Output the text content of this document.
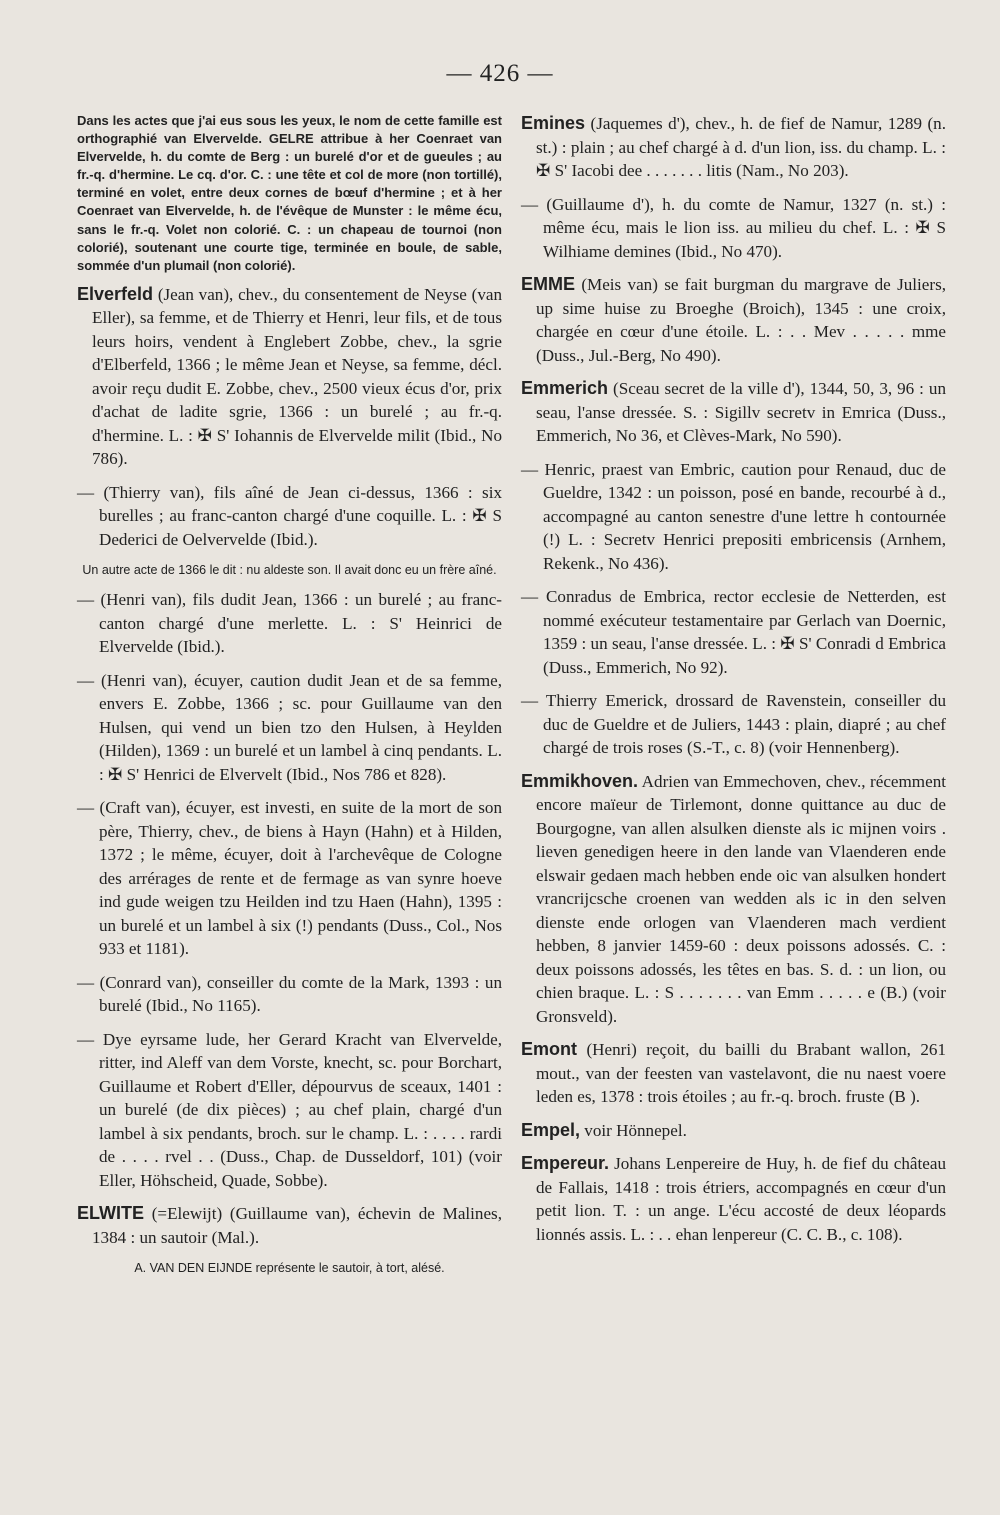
— 426 —

Dans les actes que j'ai eus sous les yeux, le nom de cette famille est orthographié van Elvervelde. GELRE attribue à her Coenraet van Elvervelde, h. du comte de Berg : un burelé d'or et de gueules ; au fr.-q. d'hermine. Le cq. d'or. C. : une tête et col de more (non tortillé), terminé en volet, entre deux cornes de bœuf d'hermine ; et à her Coenraet van Elvervelde, h. de l'évêque de Munster : le même écu, sans le fr.-q. Volet non colorié. C. : un chapeau de tournoi (non colorié), soutenant une courte tige, terminée en boule, de sable, sommée d'un plumail (non colorié).

Elverfeld (Jean van), chev., du consentement de Neyse (van Eller), sa femme, et de Thierry et Henri, leur fils, et de tous leurs hoirs, vendent à Englebert Zobbe, chev., la sgrie d'Elberfeld, 1366 ; le même Jean et Neyse, sa femme, décl. avoir reçu dudit E. Zobbe, chev., 2500 vieux écus d'or, prix d'achat de ladite sgrie, 1366 : un burelé ; au fr.-q. d'hermine. L. : ✠ S' Iohannis de Elvervelde milit (Ibid., No 786).

— (Thierry van), fils aîné de Jean ci-dessus, 1366 : six burelles ; au franc-canton chargé d'une coquille. L. : ✠ S Dederici de Oelvervelde (Ibid.).

Un autre acte de 1366 le dit : nu aldeste son. Il avait donc eu un frère aîné.

— (Henri van), fils dudit Jean, 1366 : un burelé ; au franc-canton chargé d'une merlette. L. : S' Heinrici de Elvervelde (Ibid.).

— (Henri van), écuyer, caution dudit Jean et de sa femme, envers E. Zobbe, 1366 ; sc. pour Guillaume van den Hulsen, qui vend un bien tzo den Hulsen, à Heylden (Hilden), 1369 : un burelé et un lambel à cinq pendants. L. : ✠ S' Henrici de Elvervelt (Ibid., Nos 786 et 828).

— (Craft van), écuyer, est investi, en suite de la mort de son père, Thierry, chev., de biens à Hayn (Hahn) et à Hilden, 1372 ; le même, écuyer, doit à l'archevêque de Cologne des arrérages de rente et de fermage as van synre hoeve ind gude weigen tzu Heilden ind tzu Haen (Hahn), 1395 : un burelé et un lambel à six (!) pendants (Duss., Col., Nos 933 et 1181).

— (Conrard van), conseiller du comte de la Mark, 1393 : un burelé (Ibid., No 1165).

— Dye eyrsame lude, her Gerard Kracht van Elvervelde, ritter, ind Aleff van dem Vorste, knecht, sc. pour Borchart, Guillaume et Robert d'Eller, dépourvus de sceaux, 1401 : un burelé (de dix pièces) ; au chef plain, chargé d'un lambel à six pendants, broch. sur le champ. L. : . . . . rardi de . . . . rvel . . (Duss., Chap. de Dusseldorf, 101) (voir Eller, Höhscheid, Quade, Sobbe).

ELWITE (=Elewijt) (Guillaume van), échevin de Malines, 1384 : un sautoir (Mal.).

A. VAN DEN EIJNDE représente le sautoir, à tort, alésé.

Emines (Jaquemes d'), chev., h. de fief de Namur, 1289 (n. st.) : plain ; au chef chargé à d. d'un lion, iss. du champ. L. : ✠ S' Iacobi dee . . . . . . . litis (Nam., No 203).

— (Guillaume d'), h. du comte de Namur, 1327 (n. st.) : même écu, mais le lion iss. au milieu du chef. L. : ✠ S Wilhiame demines (Ibid., No 470).

EMME (Meis van) se fait burgman du margrave de Juliers, up sime huise zu Broeghe (Broich), 1345 : une croix, chargée en cœur d'une étoile. L. : . . Mev . . . . . mme (Duss., Jul.-Berg, No 490).

Emmerich (Sceau secret de la ville d'), 1344, 50, 3, 96 : un seau, l'anse dressée. S. : Sigillv secretv in Emrica (Duss., Emmerich, No 36, et Clèves-Mark, No 590).

— Henric, praest van Embric, caution pour Renaud, duc de Gueldre, 1342 : un poisson, posé en bande, recourbé à d., accompagné au canton senestre d'une lettre h contournée (!) L. : Secretv Henrici prepositi embricensis (Arnhem, Rekenk., No 436).

— Conradus de Embrica, rector ecclesie de Netterden, est nommé exécuteur testamentaire par Gerlach van Doernic, 1359 : un seau, l'anse dressée. L. : ✠ S' Conradi d Embrica (Duss., Emmerich, No 92).

— Thierry Emerick, drossard de Ravenstein, conseiller du duc de Gueldre et de Juliers, 1443 : plain, diapré ; au chef chargé de trois roses (S.-T., c. 8) (voir Hennenberg).

Emmikhoven. Adrien van Emmechoven, chev., récemment encore maïeur de Tirlemont, donne quittance au duc de Bourgogne, van allen alsulken dienste als ic mijnen voirs . lieven genedigen heere in den lande van Vlaenderen ende elswair gedaen mach hebben ende oic van alsulken hondert vrancrijcsche croenen van wedden als ic in den selven dienste ende orlogen van Vlaenderen mach verdient hebben, 8 janvier 1459-60 : deux poissons adossés. C. : deux poissons adossés, les têtes en bas. S. d. : un lion, ou chien braque. L. : S . . . . . . . van Emm . . . . . e (B.) (voir Gronsveld).

Emont (Henri) reçoit, du bailli du Brabant wallon, 261 mout., van der feesten van vastelavont, die nu naest voere leden es, 1378 : trois étoiles ; au fr.-q. broch. fruste (B ).

Empel, voir Hönnepel.

Empereur. Johans Lenpereire de Huy, h. de fief du château de Fallais, 1418 : trois étriers, accompagnés en cœur d'un petit lion. T. : un ange. L'écu accosté de deux léopards lionnés assis. L. : . . ehan lenpereur (C. C. B., c. 108).
